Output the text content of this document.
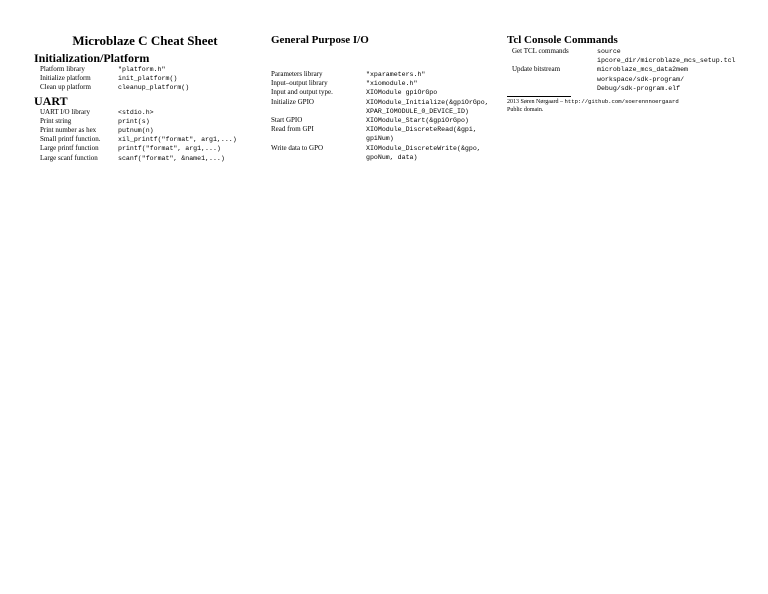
Microblaze C Cheat Sheet
Initialization/Platform
Platform library	"platform.h"
Initialize platform	init_platform()
Clean up platform	cleanup_platform()
UART
UART I/O library	<stdio.h>
Print string	print(s)
Print number as hex	putnum(n)
Small printf function.	xil_printf("format", arg1,...)
Large printf function	printf("format", arg1,...)
Large scanf function	scanf("format", &name1,...)
General Purpose I/O
Parameters library	"xparameters.h"
Input–output library	"xiomodule.h"
Input and output type.	XIOModule gpiOrGpo
Initialize GPIO	XIOModule_Initialize(&gpiOrGpo,
	XPAR_IOMODULE_0_DEVICE_ID)
Start GPIO	XIOModule_Start(&gpiOrGpo)
Read from GPI	XIOModule_DiscreteRead(&gpi,
	gpiNum)
Write data to GPO	XIOModule_DiscreteWrite(&gpo,
	gpoNum, data)
Tcl Console Commands
Get TCL commands	source
	ipcore_dir/microblaze_mcs_setup.tcl
Update bitstream	microblaze_mcs_data2mem
	workspace/sdk-program/
	Debug/sdk-program.elf
2013 Søren Nørgaard – http://github.com/soerennnoergaard
Public domain.
